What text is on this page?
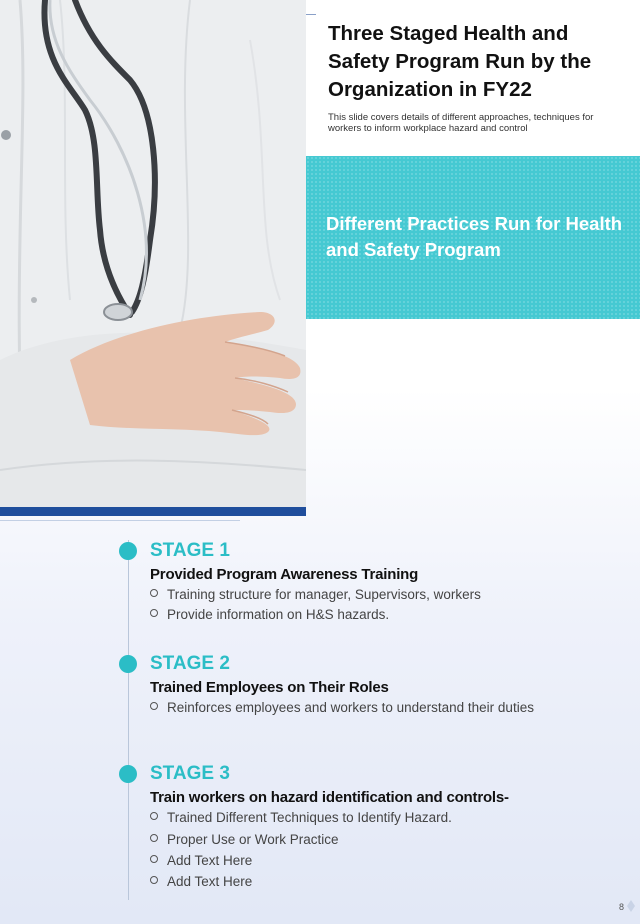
Three Staged Health and Safety Program Run by the Organization in FY22

This slide covers details of different approaches, techniques for workers to inform workplace hazard and control

Different Practices Run for Health and Safety Program
STAGE 1
Provided Program Awareness Training
Training structure for manager, Supervisors, workers
Provide information on H&S hazards.
STAGE 2
Trained Employees on Their Roles
Reinforces employees and workers to understand their duties
STAGE 3
Train workers on hazard identification and controls-
Trained Different Techniques to Identify Hazard.
Proper Use or Work Practice
Add Text Here
Add Text Here
8
